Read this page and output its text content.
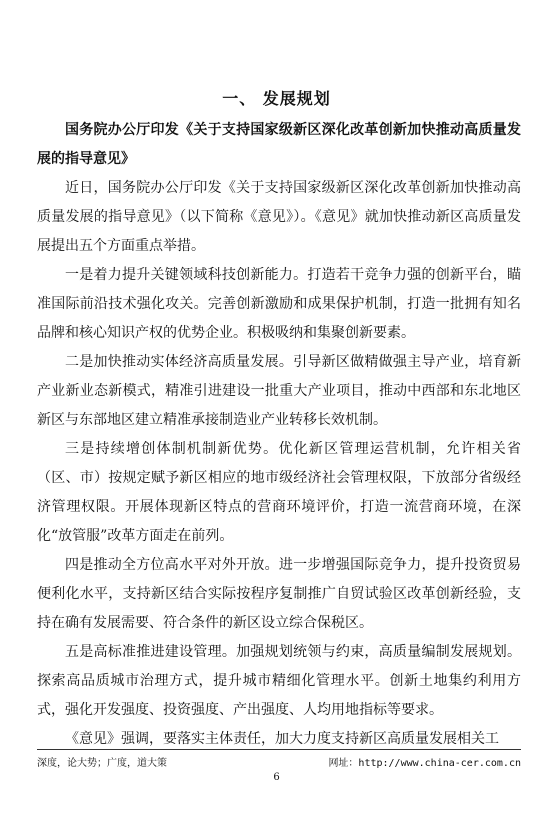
一、 发展规划
国务院办公厅印发《关于支持国家级新区深化改革创新加快推动高质量发展的指导意见》

近日，国务院办公厅印发《关于支持国家级新区深化改革创新加快推动高质量发展的指导意见》（以下简称《意见》）。《意见》就加快推动新区高质量发展提出五个方面重点举措。

一是着力提升关键领域科技创新能力。打造若干竞争力强的创新平台，瞄准国际前沿技术强化攻关。完善创新激励和成果保护机制，打造一批拥有知名品牌和核心知识产权的优势企业。积极吸纳和集聚创新要素。

二是加快推动实体经济高质量发展。引导新区做精做强主导产业，培育新产业新业态新模式，精准引进建设一批重大产业项目，推动中西部和东北地区新区与东部地区建立精准承接制造业产业转移长效机制。

三是持续增创体制机制新优势。优化新区管理运营机制，允许相关省（区、市）按规定赋予新区相应的地市级经济社会管理权限，下放部分省级经济管理权限。开展体现新区特点的营商环境评价，打造一流营商环境，在深化“放管服”改革方面走在前列。

四是推动全方位高水平对外开放。进一步增强国际竞争力，提升投资贸易便利化水平，支持新区结合实际按程序复制推广自贸试验区改革创新经验，支持在确有发展需要、符合条件的新区设立综合保税区。

五是高标准推进建设管理。加强规划统领与约束，高质量编制发展规划。探索高品质城市治理方式，提升城市精细化管理水平。创新土地集约利用方式，强化开发强度、投资强度、产出强度、人均用地指标等要求。

《意见》强调，要落实主体责任，加大力度支持新区高质量发展相关工

深度，论大势；广度，道大策	网址：http://www.china-cer.com.cn
6
